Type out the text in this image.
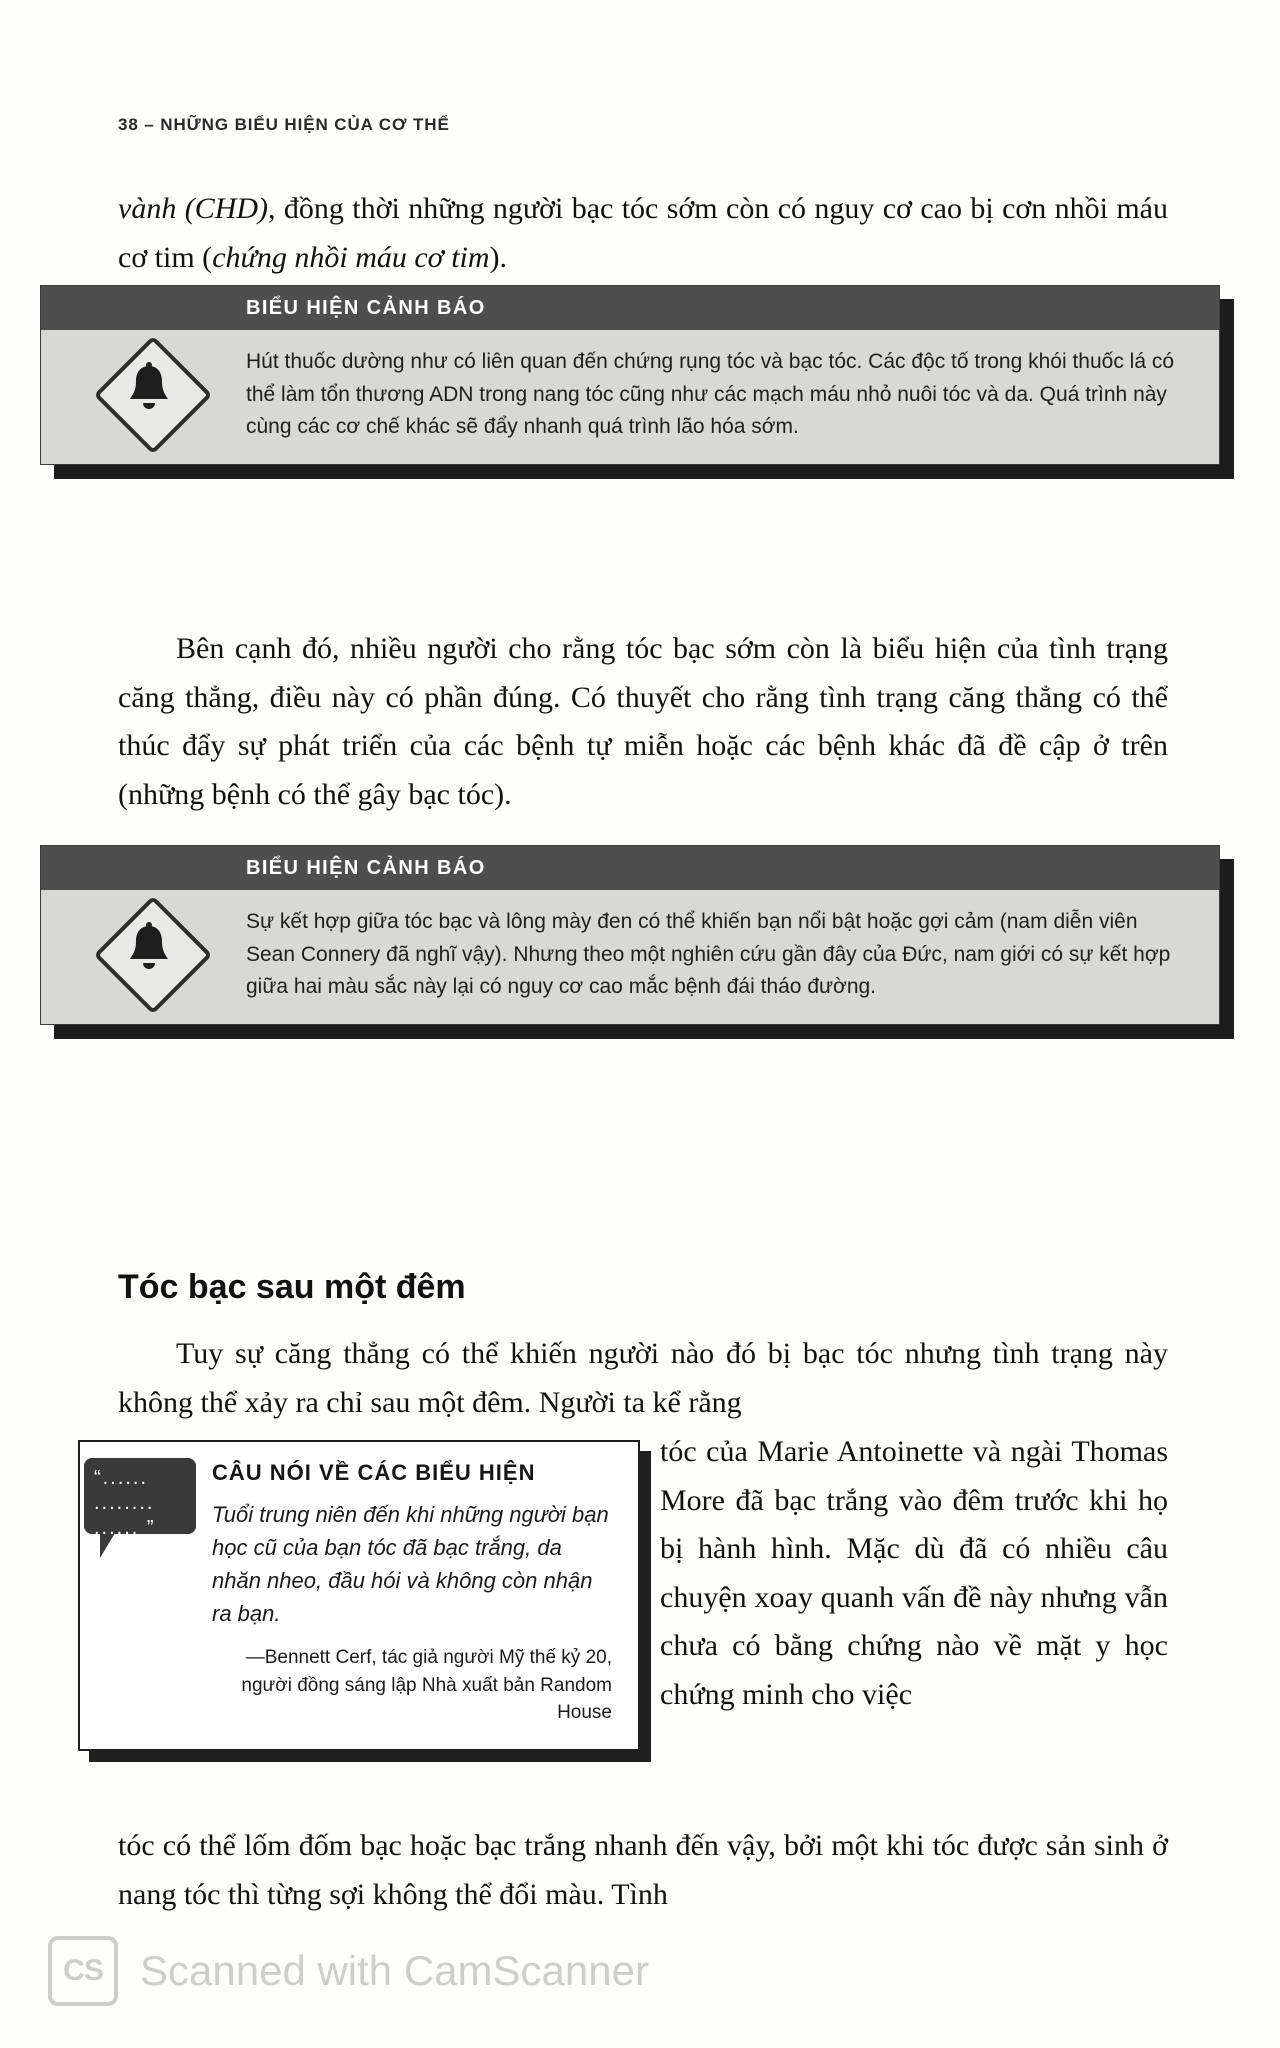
38 – NHỮNG BIỂU HIỆN CỦA CƠ THỂ
vành (CHD), đồng thời những người bạc tóc sớm còn có nguy cơ cao bị cơn nhồi máu cơ tim (chứng nhồi máu cơ tim).
BIỂU HIỆN CẢNH BÁO
Hút thuốc dường như có liên quan đến chứng rụng tóc và bạc tóc. Các độc tố trong khói thuốc lá có thể làm tổn thương ADN trong nang tóc cũng như các mạch máu nhỏ nuôi tóc và da. Quá trình này cùng các cơ chế khác sẽ đẩy nhanh quá trình lão hóa sớm.
Bên cạnh đó, nhiều người cho rằng tóc bạc sớm còn là biểu hiện của tình trạng căng thẳng, điều này có phần đúng. Có thuyết cho rằng tình trạng căng thẳng có thể thúc đẩy sự phát triển của các bệnh tự miễn hoặc các bệnh khác đã đề cập ở trên (những bệnh có thể gây bạc tóc).
BIỂU HIỆN CẢNH BÁO
Sự kết hợp giữa tóc bạc và lông mày đen có thể khiến bạn nổi bật hoặc gợi cảm (nam diễn viên Sean Connery đã nghĩ vậy). Nhưng theo một nghiên cứu gần đây của Đức, nam giới có sự kết hợp giữa hai màu sắc này lại có nguy cơ cao mắc bệnh đái tháo đường.
Tóc bạc sau một đêm
Tuy sự căng thẳng có thể khiến người nào đó bị bạc tóc nhưng tình trạng này không thể xảy ra chỉ sau một đêm. Người ta kể rằng
tóc của Marie Antoinette và ngài Thomas More đã bạc trắng vào đêm trước khi họ bị hành hình. Mặc dù đã có nhiều câu chuyện xoay quanh vấn đề này nhưng vẫn chưa có bằng chứng nào về mặt y học chứng minh cho việc
CÂU NÓI VỀ CÁC BIỂU HIỆN
Tuổi trung niên đến khi những người bạn học cũ của bạn tóc đã bạc trắng, da nhăn nheo, đầu hói và không còn nhận ra bạn.
—Bennett Cerf, tác giả người Mỹ thế kỷ 20, người đồng sáng lập Nhà xuất bản Random House
“......
........
...... ”
tóc có thể lốm đốm bạc hoặc bạc trắng nhanh đến vậy, bởi một khi tóc được sản sinh ở nang tóc thì từng sợi không thể đổi màu. Tình
CS Scanned with CamScanner
